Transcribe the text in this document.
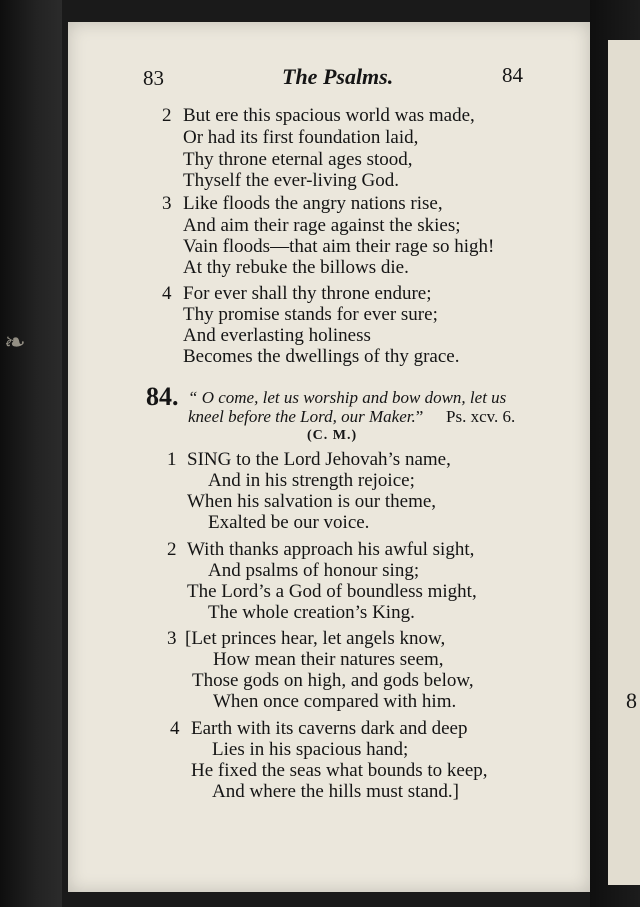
❧
8
83	The Psalms.	84
2 But ere this spacious world was made,
Or had its first foundation laid,
Thy throne eternal ages stood,
Thyself the ever-living God.
3 Like floods the angry nations rise,
And aim their rage against the skies;
Vain floods—that aim their rage so high!
At thy rebuke the billows die.
4 For ever shall thy throne endure;
Thy promise stands for ever sure;
And everlasting holiness
Becomes the dwellings of thy grace.
84. “ O come, let us worship and bow down, let us
kneel before the Lord, our Maker.” Ps. xcv. 6.
(C. M.)
1 SING to the Lord Jehovah’s name,
And in his strength rejoice;
When his salvation is our theme,
Exalted be our voice.
2 With thanks approach his awful sight,
And psalms of honour sing;
The Lord’s a God of boundless might,
The whole creation’s King.
3 [Let princes hear, let angels know,
How mean their natures seem,
Those gods on high, and gods below,
When once compared with him.
4 Earth with its caverns dark and deep
Lies in his spacious hand;
He fixed the seas what bounds to keep,
And where the hills must stand.]
